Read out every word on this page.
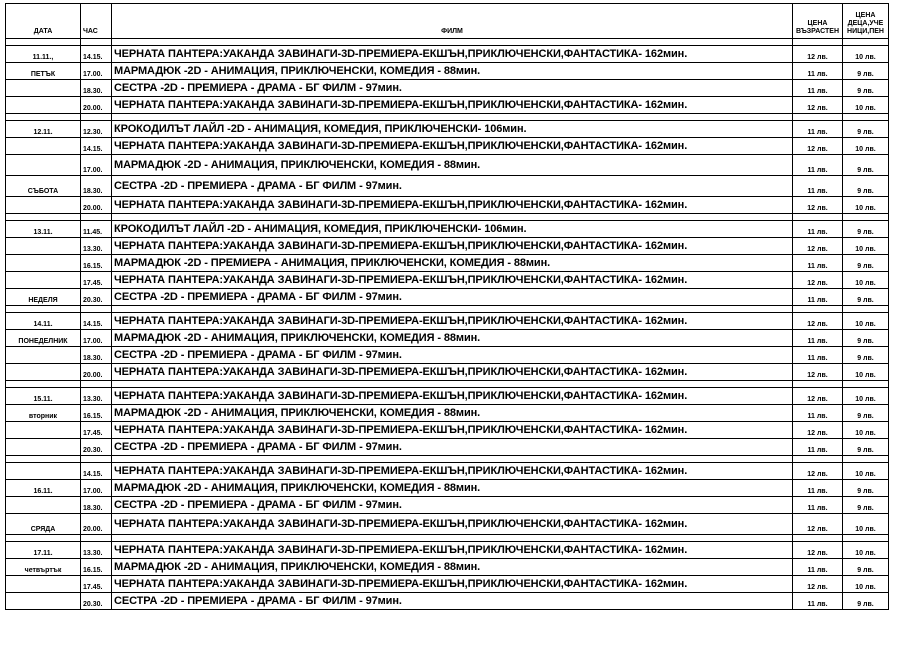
ДАТА	ЧАС	ФИЛМ	ЦЕНА ВЪЗРАСТЕН	ЦЕНА ДЕЦА,УЧЕ НИЦИ,ПЕН

11.11.,	14.15.	ЧЕРНАТА ПАНТЕРА:УАКАНДА ЗАВИНАГИ-3D-ПРЕМИЕРА-ЕКШЪН,ПРИКЛЮЧЕНСКИ,ФАНТАСТИКА- 162мин.	12 лв.	10 лв.
ПЕТЪК	17.00.	МАРМАДЮК -2D - АНИМАЦИЯ, ПРИКЛЮЧЕНСКИ, КОМЕДИЯ - 88мин.	11 лв.	9 лв.
	18.30.	СЕСТРА -2D - ПРЕМИЕРА - ДРАМА - БГ ФИЛМ - 97мин.	11 лв.	9 лв.
	20.00.	ЧЕРНАТА ПАНТЕРА:УАКАНДА ЗАВИНАГИ-3D-ПРЕМИЕРА-ЕКШЪН,ПРИКЛЮЧЕНСКИ,ФАНТАСТИКА- 162мин.	12 лв.	10 лв.

12.11.	12.30.	КРОКОДИЛЪТ ЛАЙЛ -2D - АНИМАЦИЯ, КОМЕДИЯ, ПРИКЛЮЧЕНСКИ- 106мин.	11 лв.	9 лв.
	14.15.	ЧЕРНАТА ПАНТЕРА:УАКАНДА ЗАВИНАГИ-3D-ПРЕМИЕРА-ЕКШЪН,ПРИКЛЮЧЕНСКИ,ФАНТАСТИКА- 162мин.	12 лв.	10 лв.
	17.00.	МАРМАДЮК -2D - АНИМАЦИЯ, ПРИКЛЮЧЕНСКИ, КОМЕДИЯ - 88мин.	11 лв.	9 лв.
СЪБОТА	18.30.	СЕСТРА -2D - ПРЕМИЕРА - ДРАМА - БГ ФИЛМ - 97мин.	11 лв.	9 лв.
	20.00.	ЧЕРНАТА ПАНТЕРА:УАКАНДА ЗАВИНАГИ-3D-ПРЕМИЕРА-ЕКШЪН,ПРИКЛЮЧЕНСКИ,ФАНТАСТИКА- 162мин.	12 лв.	10 лв.

13.11.	11.45.	КРОКОДИЛЪТ ЛАЙЛ -2D - АНИМАЦИЯ, КОМЕДИЯ, ПРИКЛЮЧЕНСКИ- 106мин.	11 лв.	9 лв.
	13.30.	ЧЕРНАТА ПАНТЕРА:УАКАНДА ЗАВИНАГИ-3D-ПРЕМИЕРА-ЕКШЪН,ПРИКЛЮЧЕНСКИ,ФАНТАСТИКА- 162мин.	12 лв.	10 лв.
	16.15.	МАРМАДЮК -2D - ПРЕМИЕРА - АНИМАЦИЯ, ПРИКЛЮЧЕНСКИ, КОМЕДИЯ - 88мин.	11 лв.	9 лв.
	17.45.	ЧЕРНАТА ПАНТЕРА:УАКАНДА ЗАВИНАГИ-3D-ПРЕМИЕРА-ЕКШЪН,ПРИКЛЮЧЕНСКИ,ФАНТАСТИКА- 162мин.	12 лв.	10 лв.
НЕДЕЛЯ	20.30.	СЕСТРА -2D - ПРЕМИЕРА - ДРАМА - БГ ФИЛМ - 97мин.	11 лв.	9 лв.

14.11.	14.15.	ЧЕРНАТА ПАНТЕРА:УАКАНДА ЗАВИНАГИ-3D-ПРЕМИЕРА-ЕКШЪН,ПРИКЛЮЧЕНСКИ,ФАНТАСТИКА- 162мин.	12 лв.	10 лв.
ПОНЕДЕЛНИК	17.00.	МАРМАДЮК -2D - АНИМАЦИЯ, ПРИКЛЮЧЕНСКИ, КОМЕДИЯ - 88мин.	11 лв.	9 лв.
	18.30.	СЕСТРА -2D - ПРЕМИЕРА - ДРАМА - БГ ФИЛМ - 97мин.	11 лв.	9 лв.
	20.00.	ЧЕРНАТА ПАНТЕРА:УАКАНДА ЗАВИНАГИ-3D-ПРЕМИЕРА-ЕКШЪН,ПРИКЛЮЧЕНСКИ,ФАНТАСТИКА- 162мин.	12 лв.	10 лв.

15.11.	13.30.	ЧЕРНАТА ПАНТЕРА:УАКАНДА ЗАВИНАГИ-3D-ПРЕМИЕРА-ЕКШЪН,ПРИКЛЮЧЕНСКИ,ФАНТАСТИКА- 162мин.	12 лв.	10 лв.
вторник	16.15.	МАРМАДЮК -2D - АНИМАЦИЯ, ПРИКЛЮЧЕНСКИ, КОМЕДИЯ - 88мин.	11 лв.	9 лв.
	17.45.	ЧЕРНАТА ПАНТЕРА:УАКАНДА ЗАВИНАГИ-3D-ПРЕМИЕРА-ЕКШЪН,ПРИКЛЮЧЕНСКИ,ФАНТАСТИКА- 162мин.	12 лв.	10 лв.
	20.30.	СЕСТРА -2D - ПРЕМИЕРА - ДРАМА - БГ ФИЛМ - 97мин.	11 лв.	9 лв.

	14.15.	ЧЕРНАТА ПАНТЕРА:УАКАНДА ЗАВИНАГИ-3D-ПРЕМИЕРА-ЕКШЪН,ПРИКЛЮЧЕНСКИ,ФАНТАСТИКА- 162мин.	12 лв.	10 лв.
16.11.	17.00.	МАРМАДЮК -2D - АНИМАЦИЯ, ПРИКЛЮЧЕНСКИ, КОМЕДИЯ - 88мин.	11 лв.	9 лв.
	18.30.	СЕСТРА -2D - ПРЕМИЕРА - ДРАМА - БГ ФИЛМ - 97мин.	11 лв.	9 лв.
СРЯДА	20.00.	ЧЕРНАТА ПАНТЕРА:УАКАНДА ЗАВИНАГИ-3D-ПРЕМИЕРА-ЕКШЪН,ПРИКЛЮЧЕНСКИ,ФАНТАСТИКА- 162мин.	12 лв.	10 лв.

17.11.	13.30.	ЧЕРНАТА ПАНТЕРА:УАКАНДА ЗАВИНАГИ-3D-ПРЕМИЕРА-ЕКШЪН,ПРИКЛЮЧЕНСКИ,ФАНТАСТИКА- 162мин.	12 лв.	10 лв.
четвъртък	16.15.	МАРМАДЮК -2D - АНИМАЦИЯ, ПРИКЛЮЧЕНСКИ, КОМЕДИЯ - 88мин.	11 лв.	9 лв.
	17.45.	ЧЕРНАТА ПАНТЕРА:УАКАНДА ЗАВИНАГИ-3D-ПРЕМИЕРА-ЕКШЪН,ПРИКЛЮЧЕНСКИ,ФАНТАСТИКА- 162мин.	12 лв.	10 лв.
	20.30.	СЕСТРА -2D - ПРЕМИЕРА - ДРАМА - БГ ФИЛМ - 97мин.	11 лв.	9 лв.
